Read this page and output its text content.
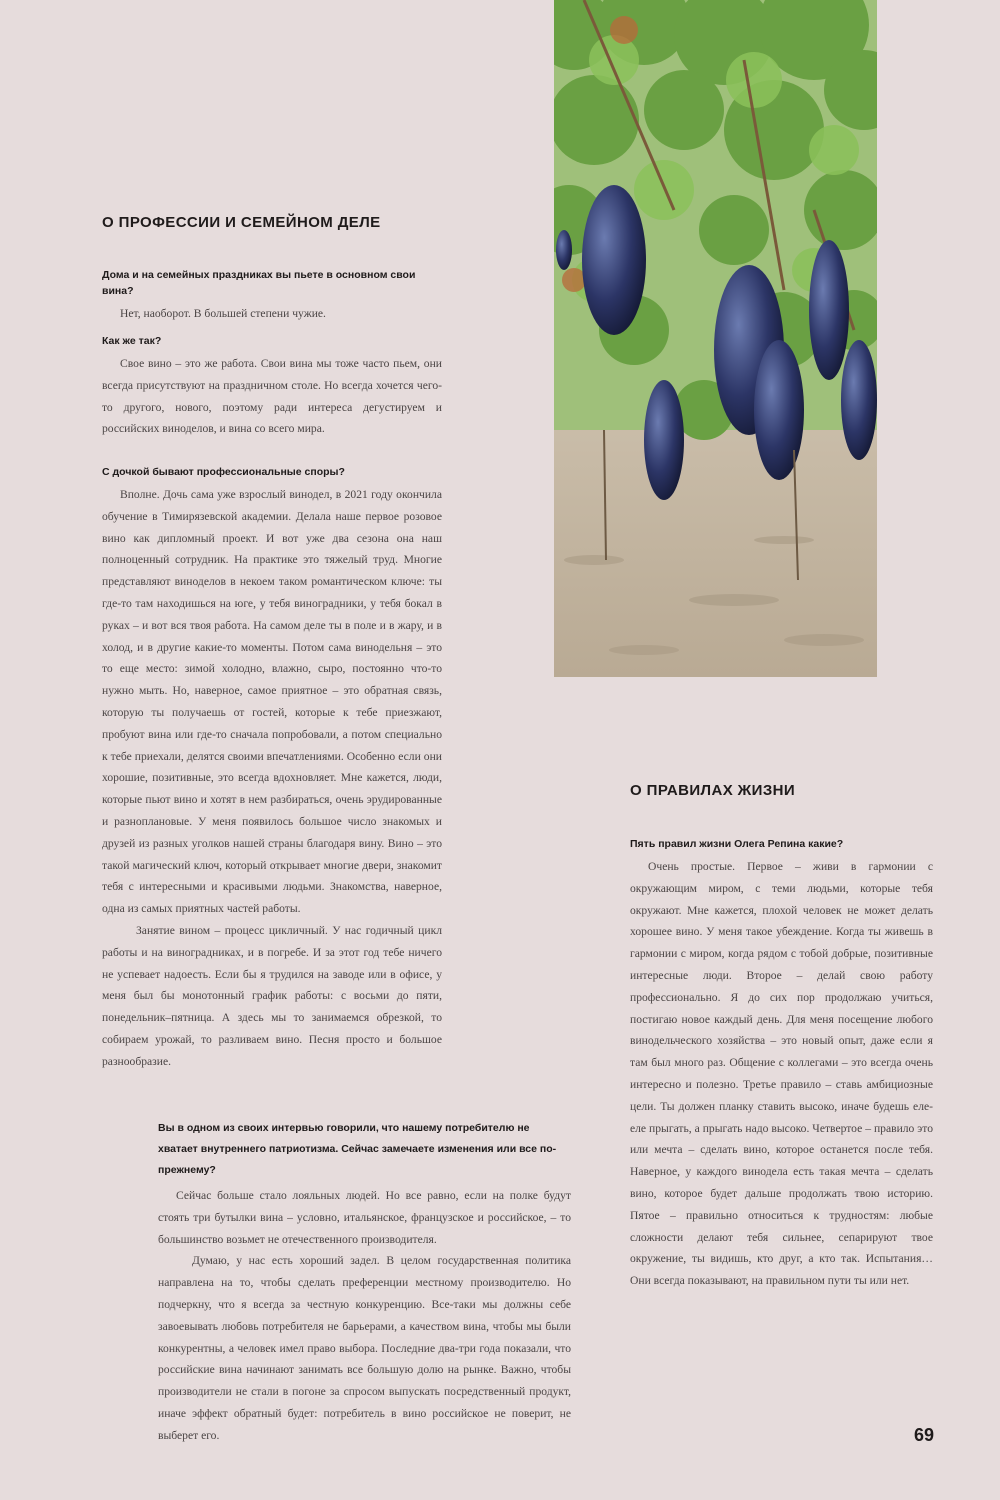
О ПРОФЕССИИ И СЕМЕЙНОМ ДЕЛЕ

Дома и на семейных праздниках вы пьете в основном свои вина?

Нет, наоборот. В большей степени чужие.

Как же так?

Свое вино – это же работа. Свои вина мы тоже часто пьем, они всегда присутствуют на праздничном столе. Но всегда хочется чего-то другого, нового, поэтому ради интереса дегустируем и российских виноделов, и вина со всего мира.

С дочкой бывают профессиональные споры?

Вполне. Дочь сама уже взрослый винодел, в 2021 году окончила обучение в Тимирязевской академии. Делала наше первое розовое вино как дипломный проект. И вот уже два сезона она наш полноценный сотрудник. На практике это тяжелый труд. Многие представляют виноделов в некоем таком романтическом ключе: ты где-то там находишься на юге, у тебя виноградники, у тебя бокал в руках – и вот вся твоя работа. На самом деле ты в поле и в жару, и в холод, и в другие какие-то моменты. Потом сама винодельня – это то еще место: зимой холодно, влажно, сыро, постоянно что-то нужно мыть. Но, наверное, самое приятное – это обратная связь, которую ты получаешь от гостей, которые к тебе приезжают, пробуют вина или где-то сначала попробовали, а потом специально к тебе приехали, делятся своими впечатлениями. Особенно если они хорошие, позитивные, это всегда вдохновляет. Мне кажется, люди, которые пьют вино и хотят в нем разбираться, очень эрудированные и разноплановые. У меня появилось большое число знакомых и друзей из разных уголков нашей страны благодаря вину. Вино – это такой магический ключ, который открывает многие двери, знакомит тебя с интересными и красивыми людьми. Знакомства, наверное, одна из самых приятных частей работы.

Занятие вином – процесс цикличный. У нас годичный цикл работы и на виноградниках, и в погребе. И за этот год тебе ничего не успевает надоесть. Если бы я трудился на заводе или в офисе, у меня был бы монотонный график работы: с восьми до пяти, понедельник–пятница. А здесь мы то занимаемся обрезкой, то собираем урожай, то разливаем вино. Песня просто и большое разнообразие.

Вы в одном из своих интервью говорили, что нашему потребителю не хватает внутреннего патриотизма. Сейчас замечаете изменения или все по-прежнему?

Сейчас больше стало лояльных людей. Но все равно, если на полке будут стоять три бутылки вина – условно, итальянское, французское и российское, – то большинство возьмет не отечественного производителя.

Думаю, у нас есть хороший задел. В целом государственная политика направлена на то, чтобы сделать преференции местному производителю. Но подчеркну, что я всегда за честную конкуренцию. Все-таки мы должны себе завоевывать любовь потребителя не барьерами, а качеством вина, чтобы мы были конкурентны, а человек имел право выбора. Последние два-три года показали, что российские вина начинают занимать все большую долю на рынке. Важно, чтобы производители не стали в погоне за спросом выпускать посредственный продукт, иначе эффект обратный будет: потребитель в вино российское не поверит, не выберет его.

О ПРАВИЛАХ ЖИЗНИ

Пять правил жизни Олега Репина какие?

Очень простые. Первое – живи в гармонии с окружающим миром, с теми людьми, которые тебя окружают. Мне кажется, плохой человек не может делать хорошее вино. У меня такое убеждение. Когда ты живешь в гармонии с миром, когда рядом с тобой добрые, позитивные интересные люди. Второе – делай свою работу профессионально. Я до сих пор продолжаю учиться, постигаю новое каждый день. Для меня посещение любого винодельческого хозяйства – это новый опыт, даже если я там был много раз. Общение с коллегами – это всегда очень интересно и полезно. Третье правило – ставь амбициозные цели. Ты должен планку ставить высоко, иначе будешь еле-еле прыгать, а прыгать надо высоко. Четвертое – правило это или мечта – сделать вино, которое останется после тебя. Наверное, у каждого винодела есть такая мечта – сделать вино, которое будет дальше продолжать твою историю. Пятое – правильно относиться к трудностям: любые сложности делают тебя сильнее, сепарируют твое окружение, ты видишь, кто друг, а кто так. Испытания… Они всегда показывают, на правильном пути ты или нет.

69
